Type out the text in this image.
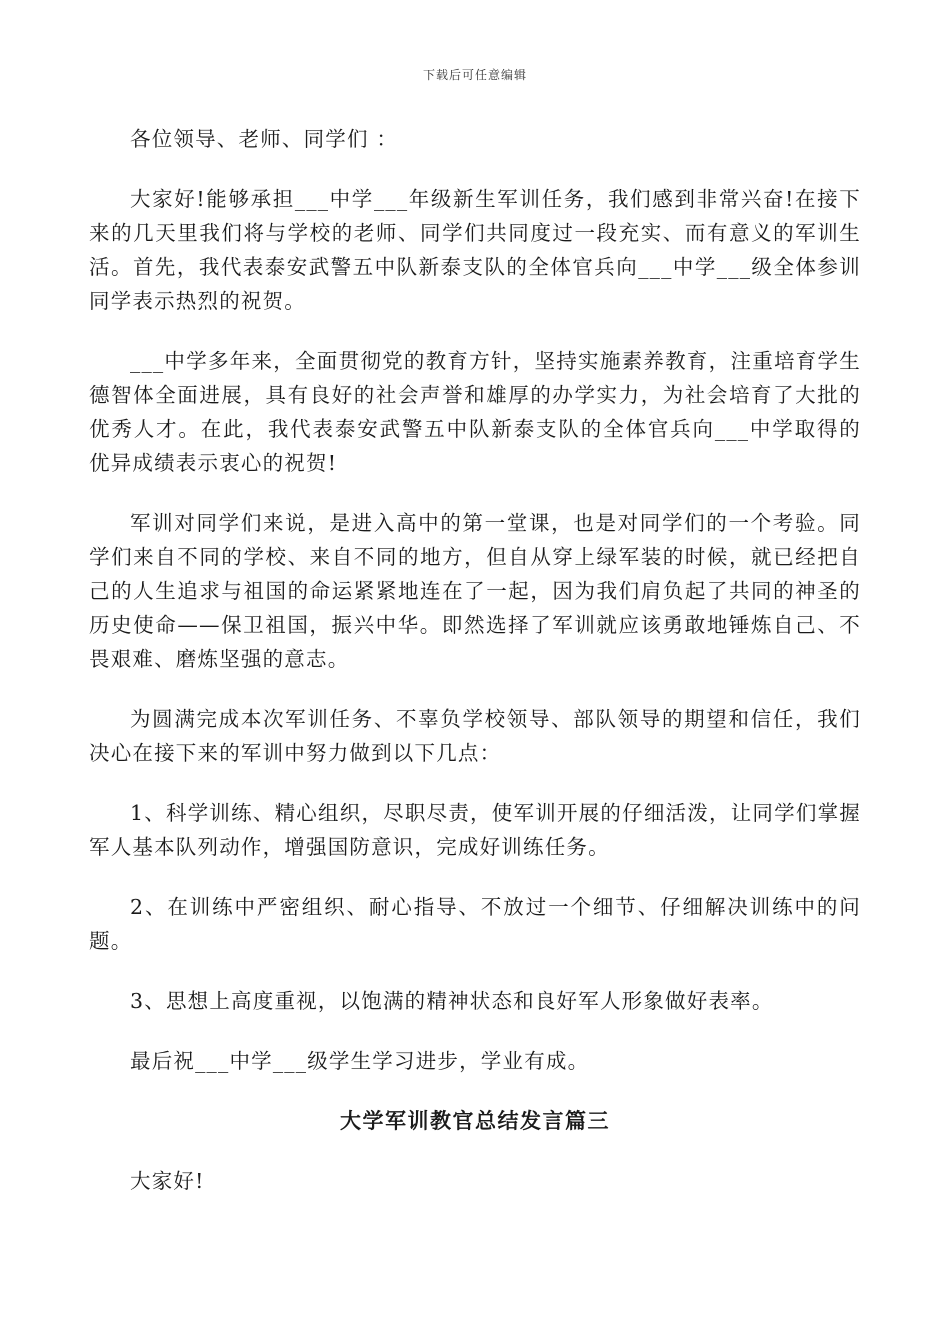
下载后可任意编辑

各位领导、老师、同学们 ：

大家好!能够承担___中学___年级新生军训任务，我们感到非常兴奋!在接下来的几天里我们将与学校的老师、同学们共同度过一段充实、而有意义的军训生活。首先，我代表泰安武警五中队新泰支队的全体官兵向___中学___级全体参训同学表示热烈的祝贺。

___中学多年来，全面贯彻党的教育方针，坚持实施素养教育，注重培育学生德智体全面进展，具有良好的社会声誉和雄厚的办学实力，为社会培育了大批的优秀人才。在此，我代表泰安武警五中队新泰支队的全体官兵向___中学取得的优异成绩表示衷心的祝贺!

军训对同学们来说，是进入高中的第一堂课，也是对同学们的一个考验。同学们来自不同的学校、来自不同的地方，但自从穿上绿军装的时候，就已经把自己的人生追求与祖国的命运紧紧地连在了一起，因为我们肩负起了共同的神圣的历史使命——保卫祖国，振兴中华。即然选择了军训就应该勇敢地锤炼自己、不畏艰难、磨炼坚强的意志。

为圆满完成本次军训任务、不辜负学校领导、部队领导的期望和信任，我们决心在接下来的军训中努力做到以下几点：

1、科学训练、精心组织，尽职尽责，使军训开展的仔细活泼，让同学们掌握军人基本队列动作，增强国防意识，完成好训练任务。

2、在训练中严密组织、耐心指导、不放过一个细节、仔细解决训练中的问题。

3、思想上高度重视，以饱满的精神状态和良好军人形象做好表率。

最后祝___中学___级学生学习进步，学业有成。

大学军训教官总结发言篇三

大家好!
